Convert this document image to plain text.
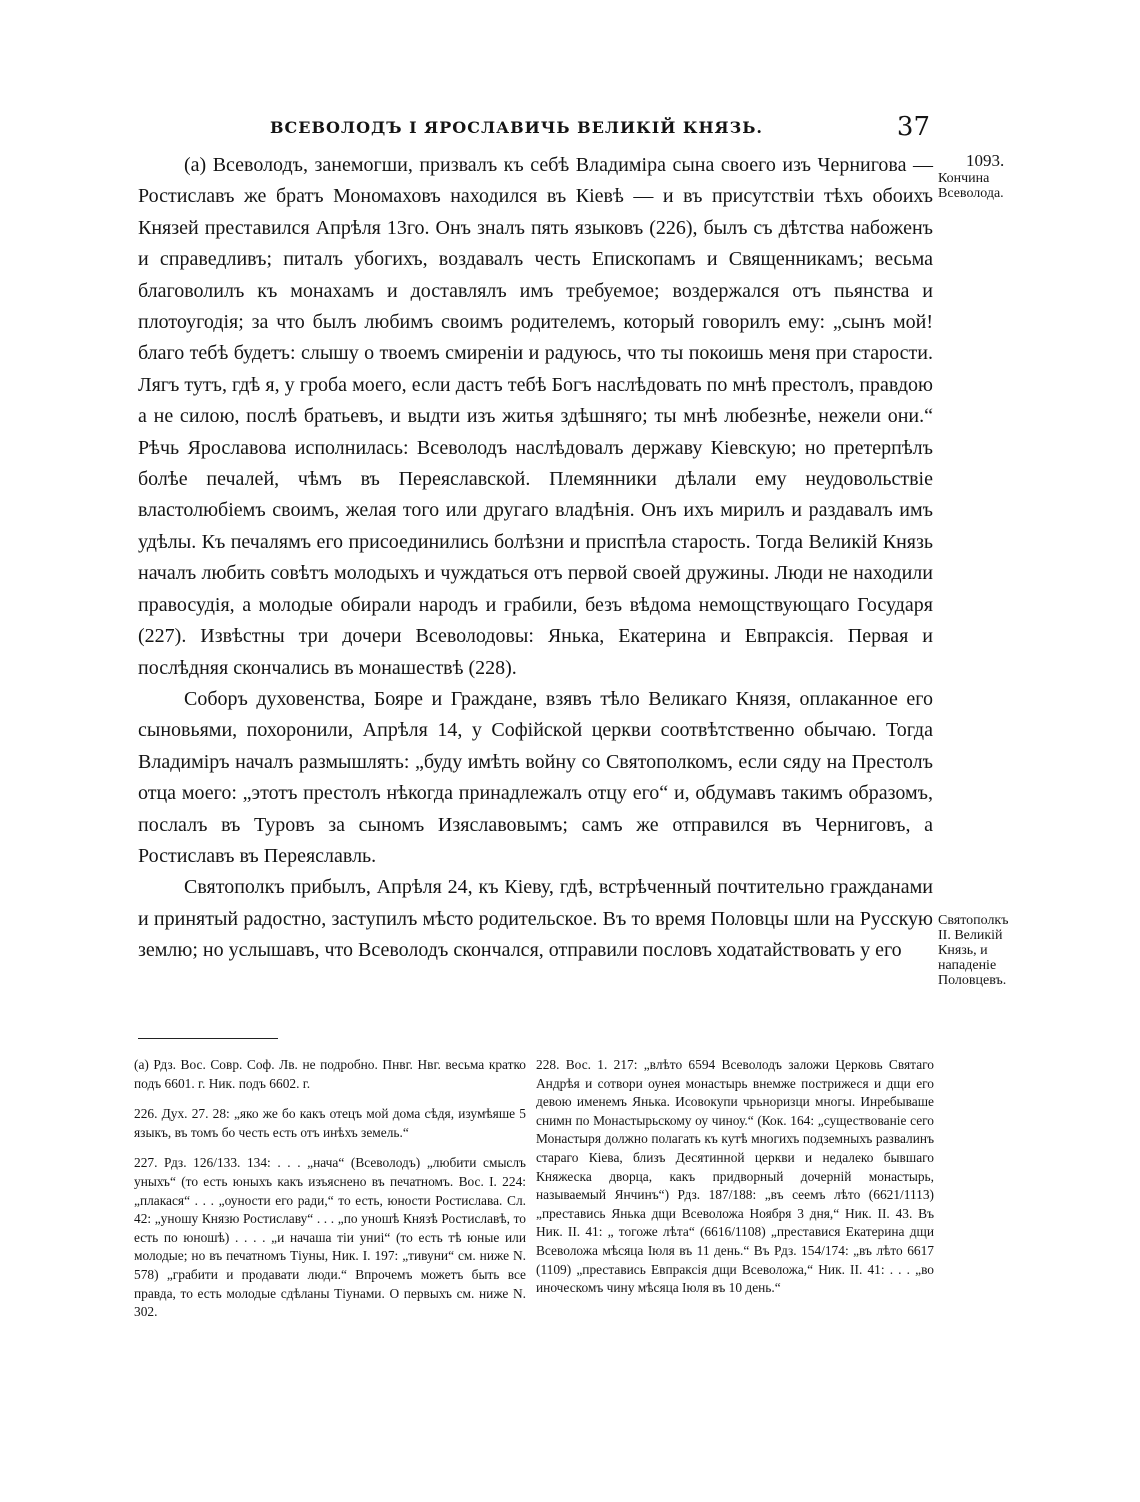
ВСЕВОЛОДЪ І ЯРОСЛАВИЧЬ ВЕЛИКІЙ КНЯЗЬ.	37

(а) Всеволодъ, занемогши, призвалъ къ себѣ Владиміра сына своего изъ Чернигова — Ростиславъ же братъ Мономаховъ находился въ Кіевѣ — и въ присутствіи тѣхъ обоихъ Князей преставился Апрѣля 13го. Онъ зналъ пять языковъ (226), былъ съ дѣтства набоженъ и справедливъ; питалъ убогихъ, воздавалъ честь Епископамъ и Священникамъ; весьма благоволилъ къ монахамъ и доставлялъ имъ требуемое; воздержался отъ пьянства и плотоугодія; за что былъ любимъ своимъ родителемъ, который говорилъ ему: „сынъ мой! благо тебѣ будетъ: слышу о твоемъ смиреніи и радуюсь, что ты покоишь меня при старости. Лягъ тутъ, гдѣ я, у гроба моего, если дастъ тебѣ Богъ наслѣдовать по мнѣ престолъ, правдою а не силою, послѣ братьевъ, и выдти изъ житья здѣшняго; ты мнѣ любезнѣе, нежели они.“ Рѣчь Ярославова исполнилась: Всеволодъ наслѣдовалъ державу Кіевскую; но претерпѣлъ болѣе печалей, чѣмъ въ Переяславской. Племянники дѣлали ему неудовольствіе властолюбіемъ своимъ, желая того или другаго владѣнія. Онъ ихъ мирилъ и раздавалъ имъ удѣлы. Къ печалямъ его присоединились болѣзни и приспѣла старость. Тогда Великій Князь началъ любить совѣтъ молодыхъ и чуждаться отъ первой своей дружины. Люди не находили правосудія, а молодые обирали народъ и грабили, безъ вѣдома немощствующаго Государя (227). Извѣстны три дочери Всеволодовы: Янька, Екатерина и Евпраксія. Первая и послѣдняя скончались въ монашествѣ (228).

Соборъ духовенства, Бояре и Граждане, взявъ тѣло Великаго Князя, оплаканное его сыновьями, похоронили, Апрѣля 14, у Софійской церкви соотвѣтственно обычаю. Тогда Владиміръ началъ размышлять: „буду имѣть войну со Святополкомъ, если сяду на Престолъ отца моего: „этотъ престолъ нѣкогда принадлежалъ отцу его“ и, обдумавъ такимъ образомъ, послалъ въ Туровъ за сыномъ Изяславовымъ; самъ же отправился въ Черниговъ, а Ростиславъ въ Переяславль.

Святополкъ прибылъ, Апрѣля 24, къ Кіеву, гдѣ, встрѣченный почтительно гражданами и принятый радостно, заступилъ мѣсто родительское. Въ то время Половцы шли на Русскую землю; но услышавъ, что Всеволодъ скончался, отправили пословъ ходатайствовать у его

1093.
Кончина Всеволода.
Святополкъ II. Великій Князь, и нападеніе Половцевъ.

(а) Рдз. Вос. Совр. Соф. Лв. не подробно. Пнвг. Нвг. весьма кратко подъ 6601. г. Ник. подъ 6602. г.

226. Дух. 27. 28: „яко же бо какъ отецъ мой дома сѣдя, изумѣяше 5 языкъ, въ томъ бо честь есть отъ инѣхъ земель.“

227. Рдз. 126/133. 134: . . . „нача“ (Всеволодъ) „любити смыслъ уныхъ“ (то есть юныхъ какъ изъяснено въ печатномъ. Вос. I. 224: „плакася“ . . . „оуности его ради,“ то есть, юности Ростислава. Сл. 42: „уношу Князю Ростиславу“ . . . „по уношѣ Князѣ Ростиславѣ, то есть по юношѣ) . . . . „и начаша тіи униі“ (то есть тѣ юные или молодые; но въ печатномъ Тіуны, Ник. I. 197: „тивуни“ см. ниже N. 578) „грабити и продавати люди.“ Впрочемъ можетъ быть все правда, то есть молодые сдѣланы Тіунами. О первыхъ см. ниже N. 302.

228. Вос. 1. 217: „влѣто 6594 Всеволодъ заложи Церковь Святаго Андрѣя и сотвори оунея монастырь внемже пострижеся и дщи его девою именемъ Янька. Исовокупи чрьноризци многы. Инребываше снимн по Монастырьскому оу чиноу.“ (Кок. 164: „существованіе сего Монастыря должно полагать къ кутѣ многихъ подземныхъ развалинъ стараго Кіева, близъ Десятинной церкви и недалеко бывшаго Княжеска дворца, какъ придворный дочерній монастырь, называемый Янчинъ“) Рдз. 187/188: „въ сеемъ лѣто (6621/1113) „преставись Янька дщи Всеволожа Ноября 3 дня,“ Ник. II. 43. Въ Ник. II. 41: „ тогоже лѣта“ (6616/1108) „преставися Екатерина дщи Всеволожа мѣсяца Іюля въ 11 день.“ Въ Рдз. 154/174: „въ лѣто 6617 (1109) „преставись Евпраксія дщи Всеволожа,“ Ник. II. 41: . . . „во иноческомъ чину мѣсяца Іюля въ 10 день.“
